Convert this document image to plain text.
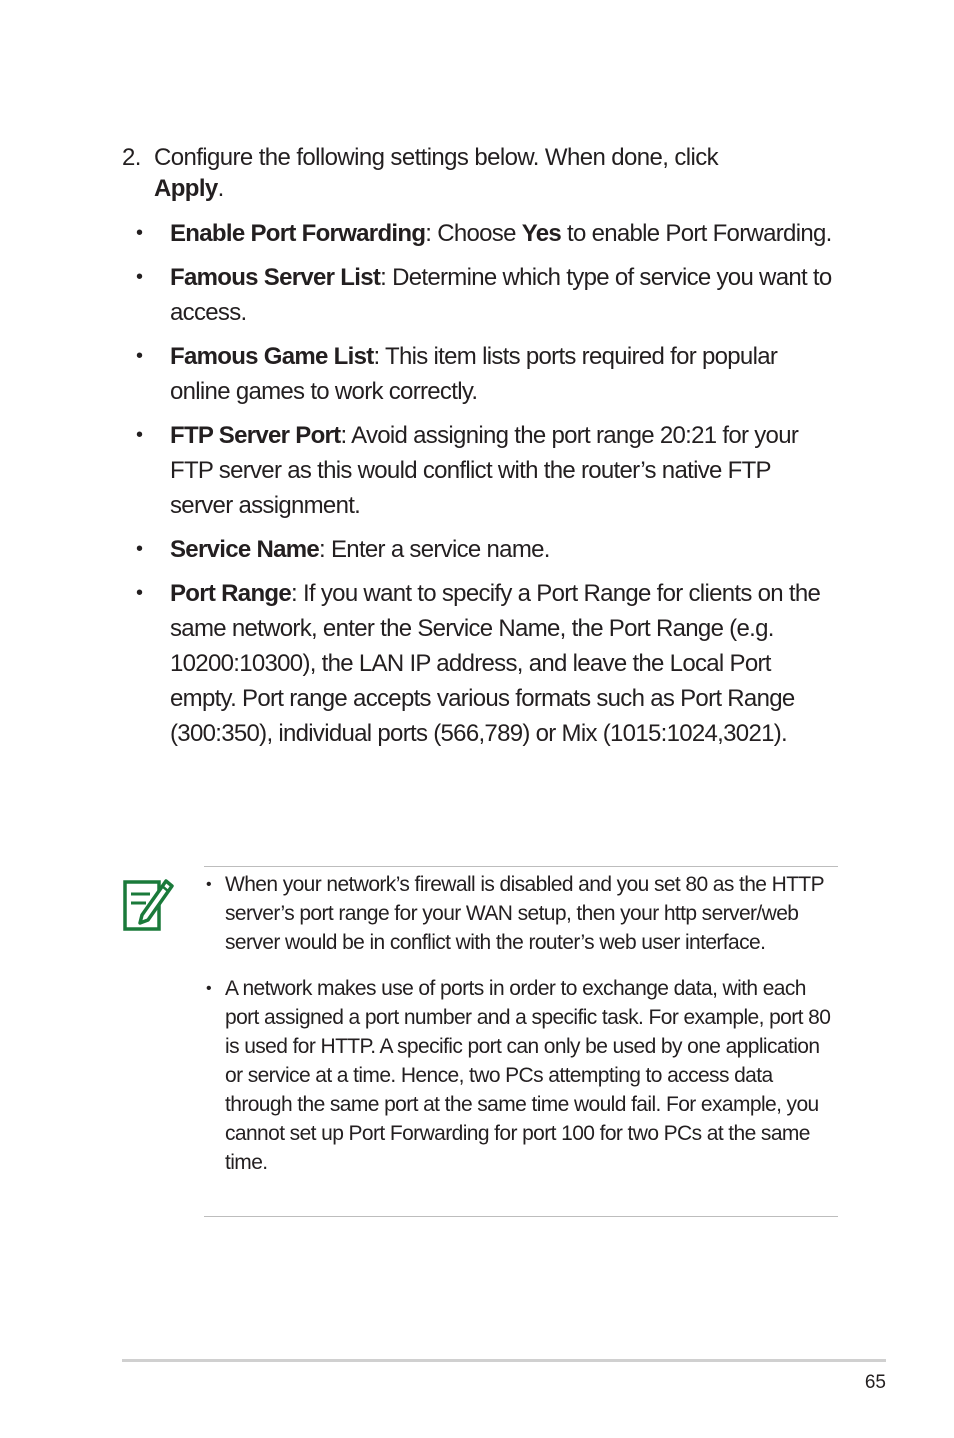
2. Configure the following settings below. When done, click
Apply.
• Enable Port Forwarding: Choose Yes to enable Port Forwarding.
• Famous Server List: Determine which type of service you want to access.
• Famous Game List: This item lists ports required for popular online games to work correctly.
• FTP Server Port: Avoid assigning the port range 20:21 for your FTP server as this would conflict with the router’s native FTP server assignment.
• Service Name: Enter a service name.
• Port Range: If you want to specify a Port Range for clients on the same network, enter the Service Name, the Port Range (e.g. 10200:10300), the LAN IP address, and leave the Local Port empty. Port range accepts various formats such as Port Range (300:350), individual ports (566,789) or Mix (1015:1024,3021).
• When your network’s firewall is disabled and you set 80 as the HTTP server’s port range for your WAN setup, then your http server/web server would be in conflict with the router’s web user interface.
• A network makes use of ports in order to exchange data, with each port assigned a port number and a specific task. For example, port 80 is used for HTTP. A specific port can only be used by one application or service at a time. Hence, two PCs attempting to access data through the same port at the same time would fail. For example, you cannot set up Port Forwarding for port 100 for two PCs at the same time.
65
